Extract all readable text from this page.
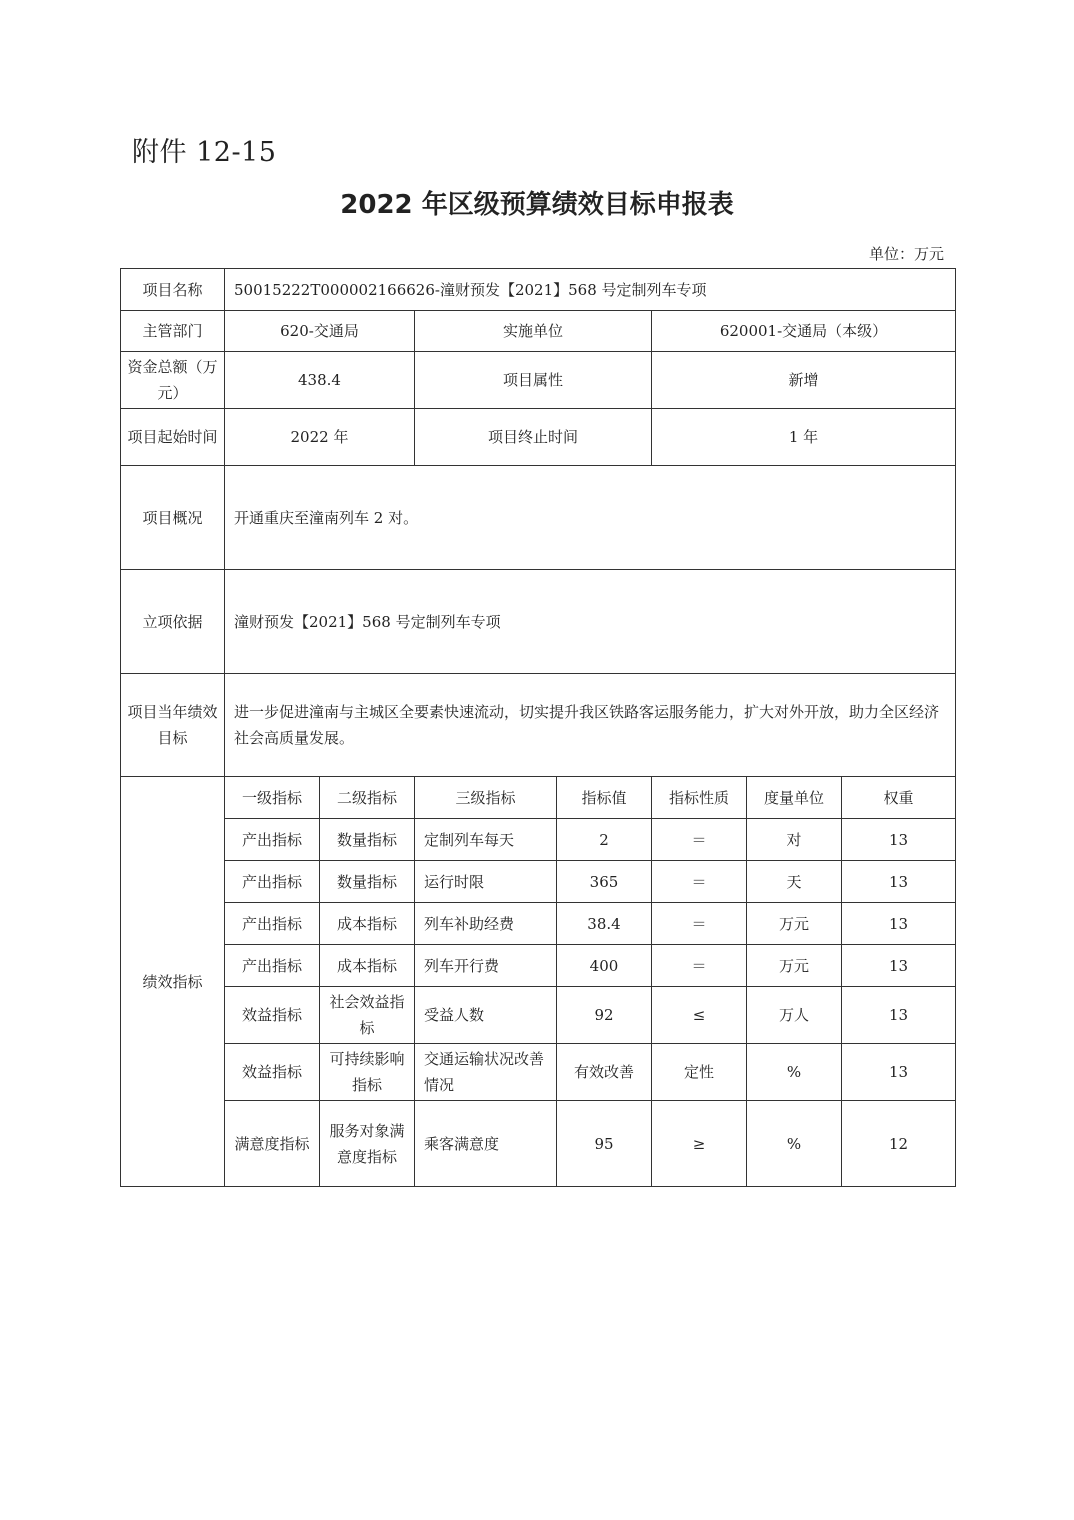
附件 12-15
2022 年区级预算绩效目标申报表
单位：万元
项目名称	50015222T000002166626-潼财预发【2021】568 号定制列车专项						
主管部门	620-交通局		实施单位		620001-交通局（本级）		
资金总额（万元）	438.4		项目属性		新增		
项目起始时间	2022 年		项目终止时间		1 年		
项目概况	开通重庆至潼南列车 2 对。						
立项依据	潼财预发【2021】568 号定制列车专项						
项目当年绩效目标	进一步促进潼南与主城区全要素快速流动，切实提升我区铁路客运服务能力，扩大对外开放，助力全区经济社会高质量发展。						
绩效指标	一级指标	二级指标	三级指标	指标值	指标性质	度量单位	权重
	产出指标	数量指标	定制列车每天	2	＝	对	13
	产出指标	数量指标	运行时限	365	＝	天	13
	产出指标	成本指标	列车补助经费	38.4	＝	万元	13
	产出指标	成本指标	列车开行费	400	＝	万元	13
	效益指标	社会效益指标	受益人数	92	≤	万人	13
	效益指标	可持续影响指标	交通运输状况改善情况	有效改善	定性	%	13
	满意度指标	服务对象满意度指标	乘客满意度	95	≥	%	12
